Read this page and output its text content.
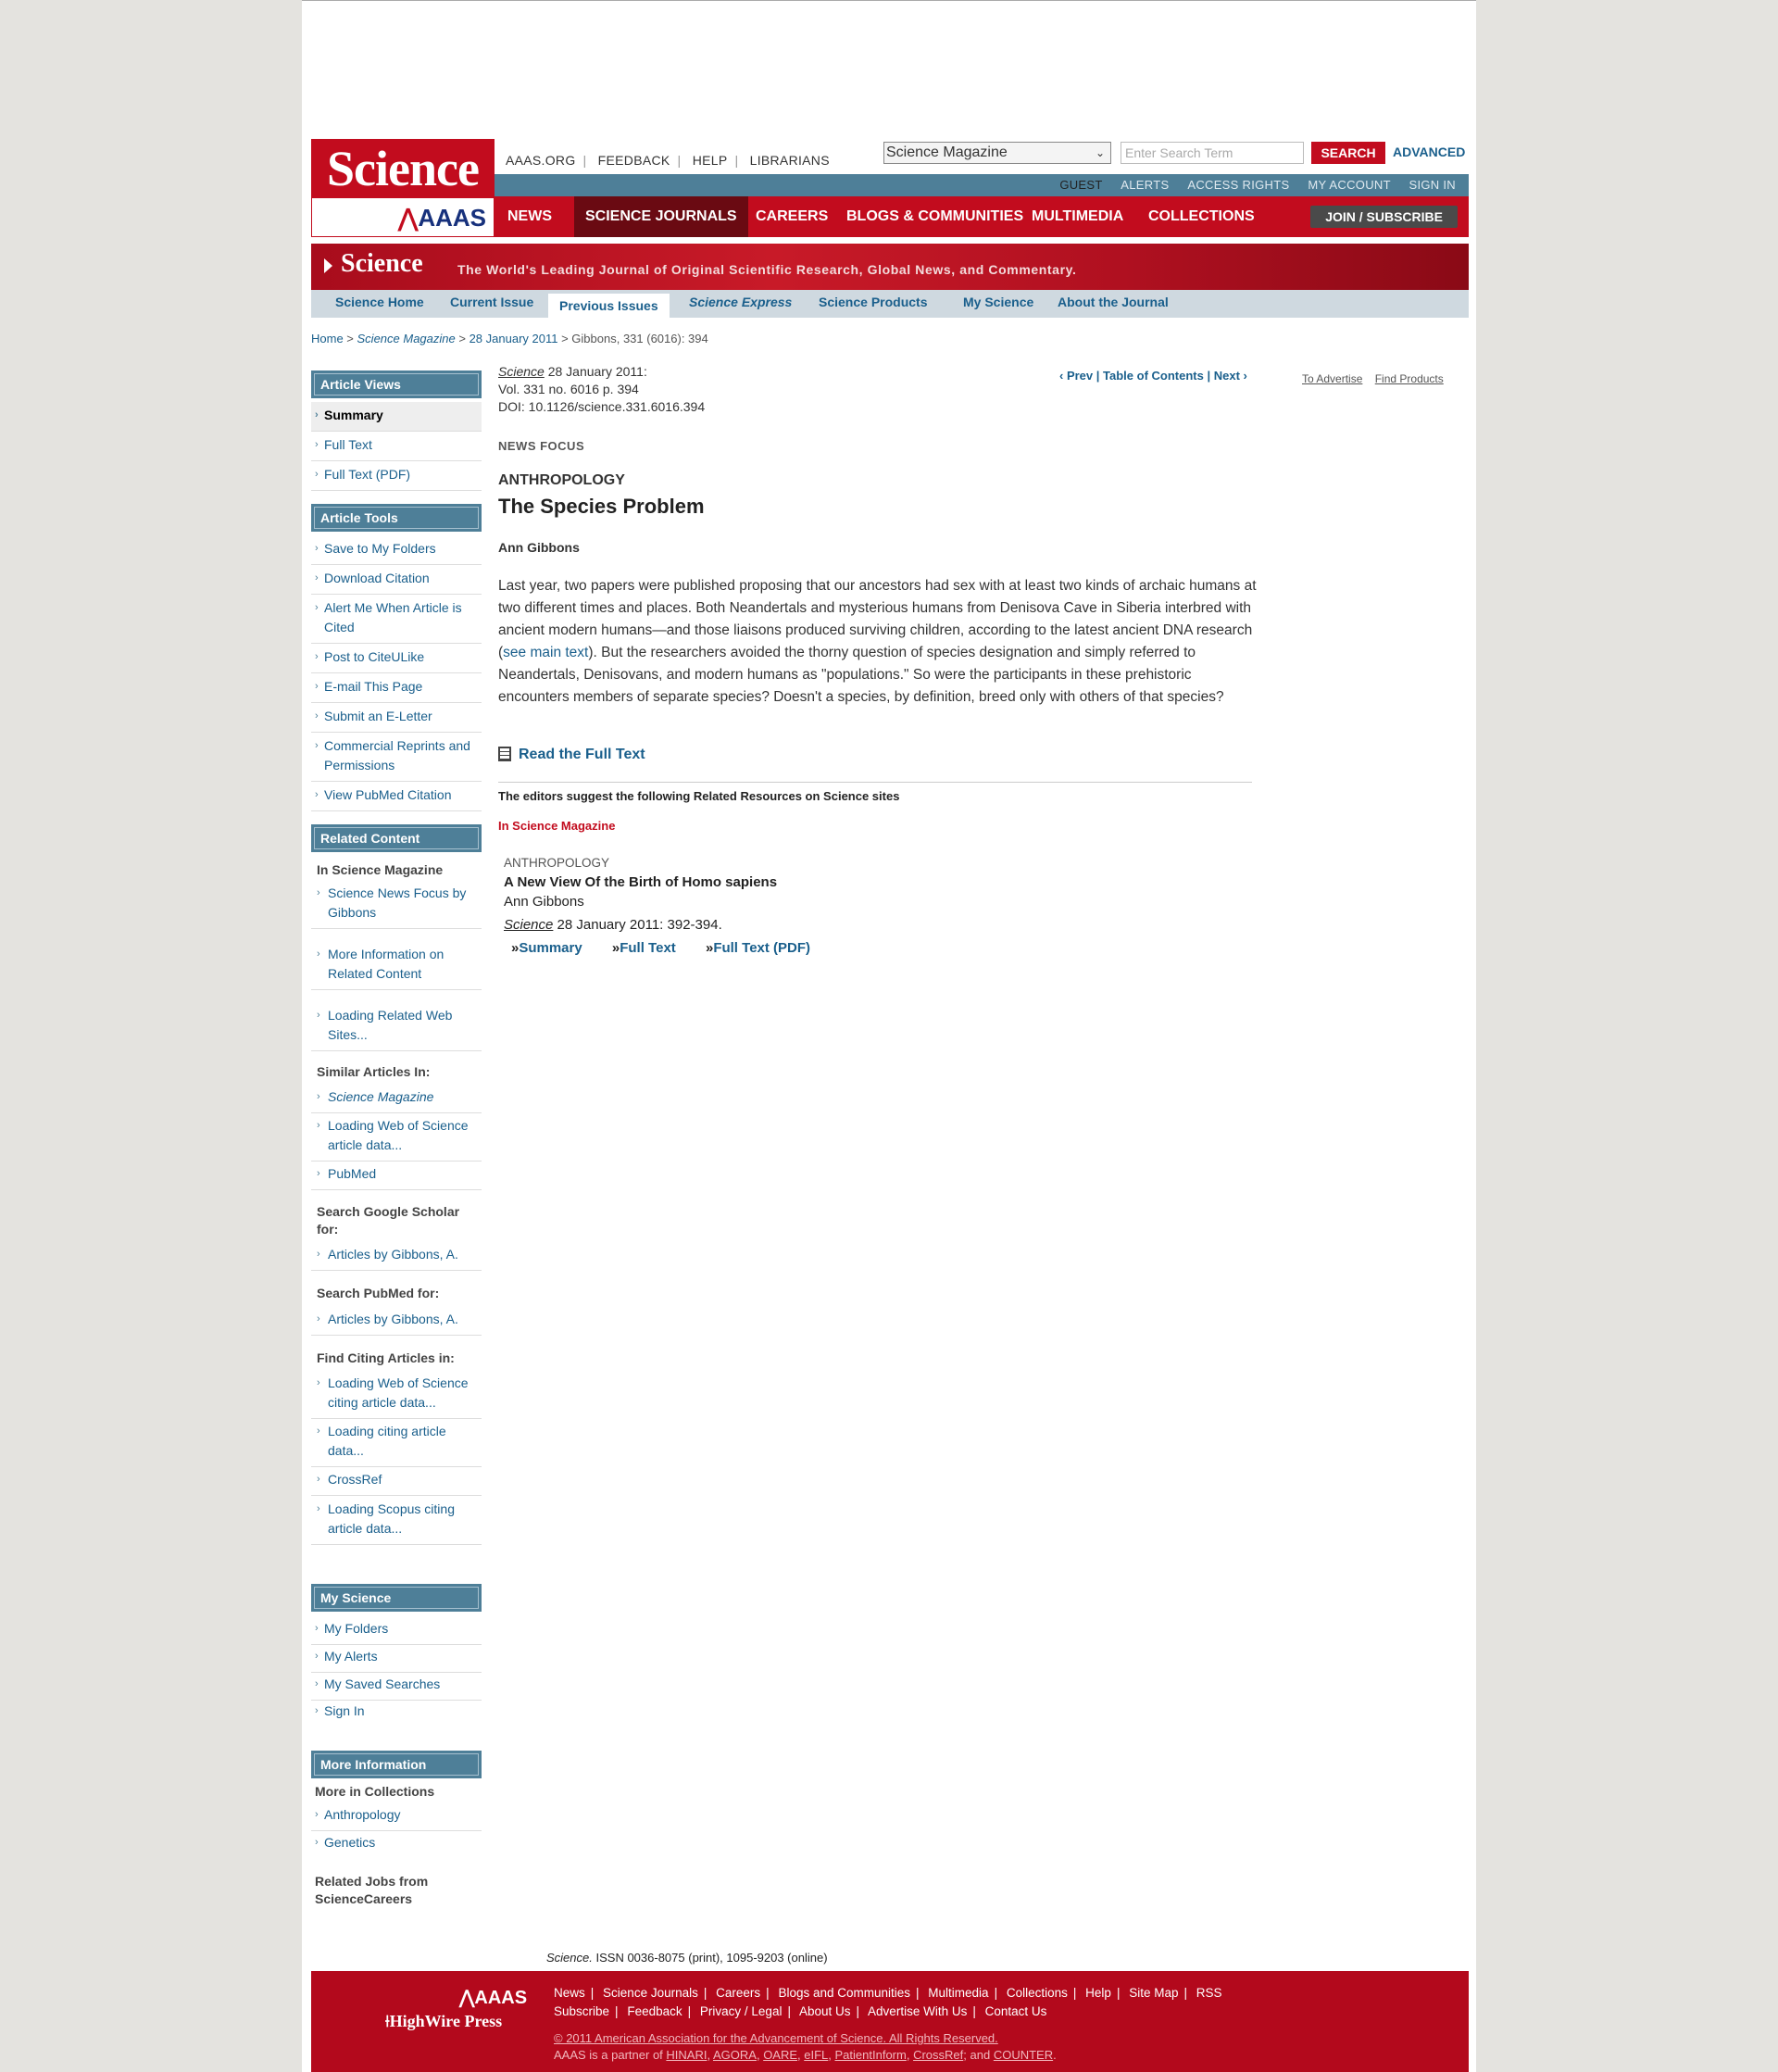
Science
⋀AAAS
AAAS.ORG | FEEDBACK | HELP | LIBRARIANS	Science Magazine	⌄	Enter Search Term	SEARCH	ADVANCED
GUEST ALERTS ACCESS RIGHTS MY ACCOUNT SIGN IN
NEWS	SCIENCE JOURNALS	CAREERS BLOGS & COMMUNITIES MULTIMEDIA COLLECTIONS	JOIN / SUBSCRIBE
Science	The World's Leading Journal of Original Scientific Research, Global News, and Commentary.
Science Home Current Issue	Previous Issues	Science Express Science Products	My Science About the Journal
Home > Science Magazine > 28 January 2011 > Gibbons, 331 (6016): 394
Article Views
› Summary
› Full Text
› Full Text (PDF)
Article Tools
› Save to My Folders
› Download Citation
› Alert Me When Article is Cited
› Post to CiteULike
› E-mail This Page
› Submit an E-Letter
› Commercial Reprints and Permissions
› View PubMed Citation
Related Content
In Science Magazine
› Science News Focus by Gibbons
› More Information on Related Content
› Loading Related Web Sites...
Similar Articles In:
› Science Magazine
› Loading Web of Science article data...
› PubMed
Search Google Scholar for:
› Articles by Gibbons, A.
Search PubMed for:
› Articles by Gibbons, A.
Find Citing Articles in:
› Loading Web of Science citing article data...
› Loading citing article data...
› CrossRef
› Loading Scopus citing article data...
My Science
› My Folders
› My Alerts
› My Saved Searches
› Sign In
More Information
More in Collections
› Anthropology
› Genetics
Related Jobs from ScienceCareers
Science 28 January 2011:
Vol. 331 no. 6016 p. 394
DOI: 10.1126/science.331.6016.394
‹ Prev | Table of Contents | Next ›	To Advertise Find Products
NEWS FOCUS
ANTHROPOLOGY
The Species Problem
Ann Gibbons
Last year, two papers were published proposing that our ancestors had sex with at least two kinds of archaic humans at two different times and places. Both Neandertals and mysterious humans from Denisova Cave in Siberia interbred with ancient modern humans—and those liaisons produced surviving children, according to the latest ancient DNA research (see main text). But the researchers avoided the thorny question of species designation and simply referred to Neandertals, Denisovans, and modern humans as "populations." So were the participants in these prehistoric encounters members of separate species? Doesn't a species, by definition, breed only with others of that species?
Read the Full Text
The editors suggest the following Related Resources on Science sites
In Science Magazine
ANTHROPOLOGY
A New View Of the Birth of Homo sapiens
Ann Gibbons
Science 28 January 2011: 392-394.
»Summary »Full Text »Full Text (PDF)
Science. ISSN 0036-8075 (print), 1095-9203 (online)
⋀AAAS
⟊HighWire Press
News | Science Journals | Careers | Blogs and Communities | Multimedia | Collections | Help | Site Map | RSS
Subscribe | Feedback | Privacy / Legal | About Us | Advertise With Us | Contact Us
© 2011 American Association for the Advancement of Science. All Rights Reserved.
AAAS is a partner of HINARI, AGORA, OARE, eIFL, PatientInform, CrossRef; and COUNTER.
